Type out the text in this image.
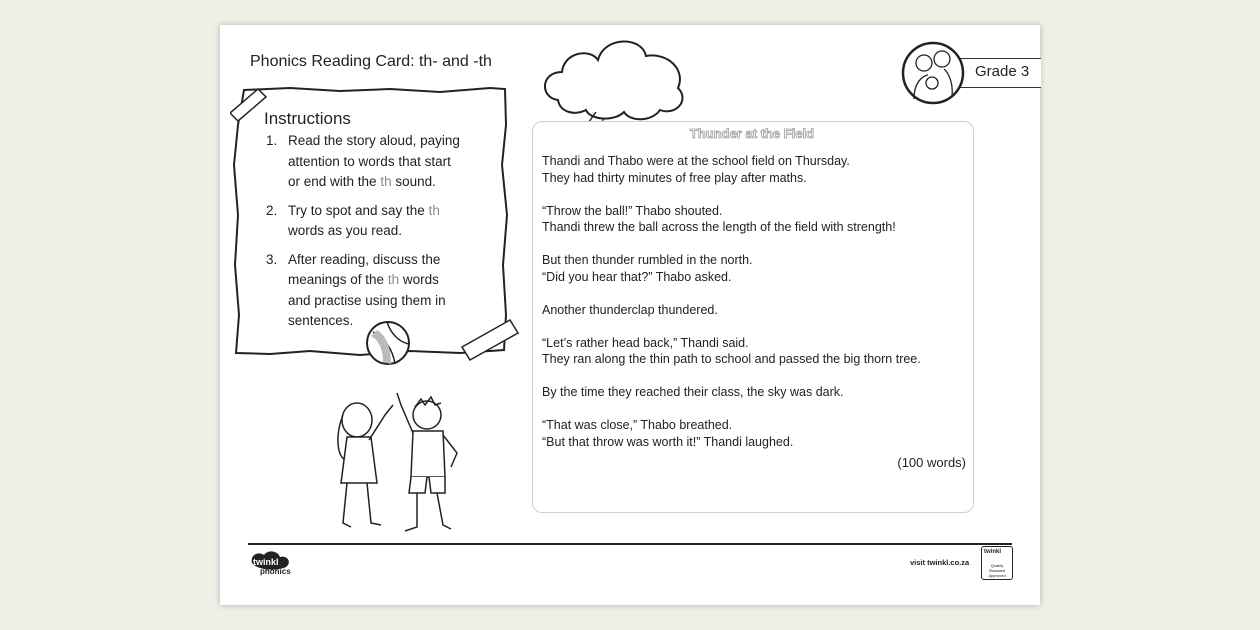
Phonics Reading Card: th- and -th
Instructions
1. Read the story aloud, paying
attention to words that start
or end with the th sound.
2. Try to spot and say the th
words as you read.
3. After reading, discuss the
meanings of the th words
and practise using them in
sentences.
Grade 3
Thunder at the Field
Thandi and Thabo were at the school field on Thursday.
They had thirty minutes of free play after maths.
“Throw the ball!” Thabo shouted.
Thandi threw the ball across the length of the field with strength!
But then thunder rumbled in the north.
“Did you hear that?” Thabo asked.
Another thunderclap thundered.
“Let’s rather head back,” Thandi said.
They ran along the thin path to school and passed the big thorn tree.
By the time they reached their class, the sky was dark.
“That was close,” Thabo breathed.
“But that throw was worth it!” Thandi laughed.
(100 words)
twinkl
phonics
visit twinkl.co.za
twinkl
Quality Standard Approved
